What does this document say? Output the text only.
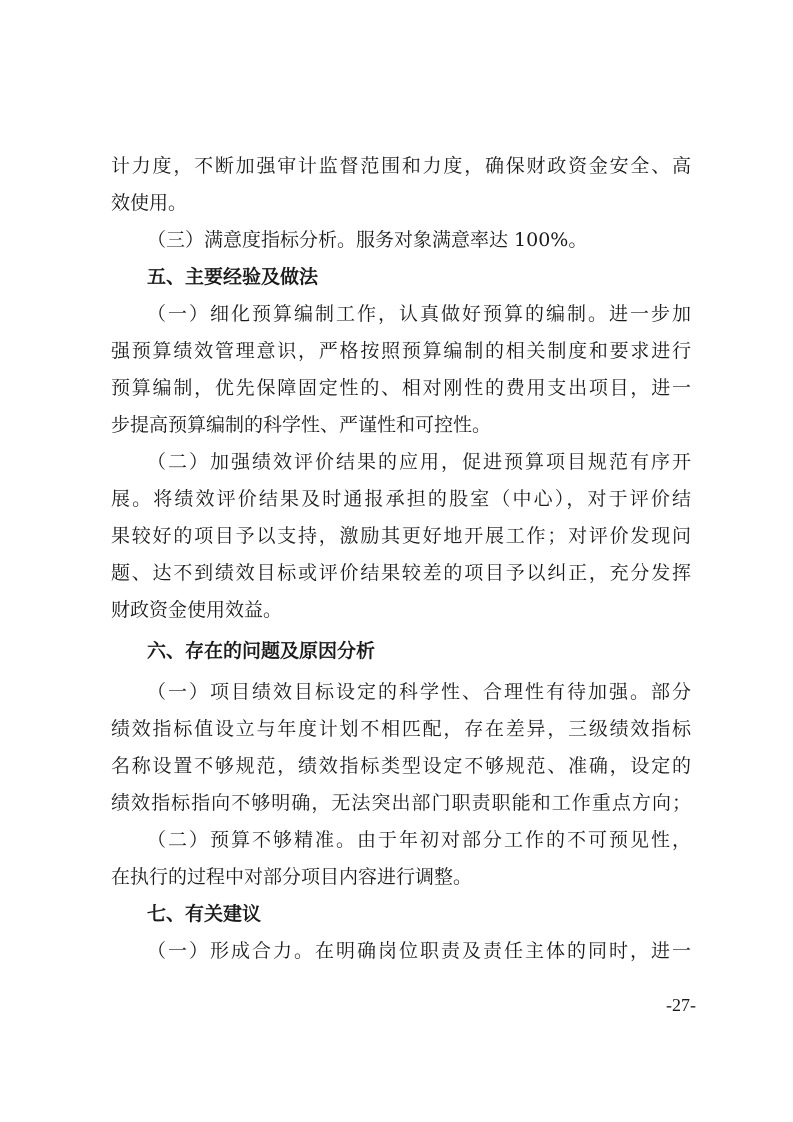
计力度，不断加强审计监督范围和力度，确保财政资金安全、高
效使用。
（三）满意度指标分析。服务对象满意率达 100%。
五、主要经验及做法
（一）细化预算编制工作，认真做好预算的编制。进一步加
强预算绩效管理意识，严格按照预算编制的相关制度和要求进行
预算编制，优先保障固定性的、相对刚性的费用支出项目，进一
步提高预算编制的科学性、严谨性和可控性。
（二）加强绩效评价结果的应用，促进预算项目规范有序开
展。将绩效评价结果及时通报承担的股室（中心），对于评价结
果较好的项目予以支持，激励其更好地开展工作；对评价发现问
题、达不到绩效目标或评价结果较差的项目予以纠正，充分发挥
财政资金使用效益。
六、存在的问题及原因分析
（一）项目绩效目标设定的科学性、合理性有待加强。部分
绩效指标值设立与年度计划不相匹配，存在差异，三级绩效指标
名称设置不够规范，绩效指标类型设定不够规范、准确，设定的
绩效指标指向不够明确，无法突出部门职责职能和工作重点方向；
（二）预算不够精准。由于年初对部分工作的不可预见性，
在执行的过程中对部分项目内容进行调整。
七、有关建议
（一）形成合力。在明确岗位职责及责任主体的同时，进一
-27-
